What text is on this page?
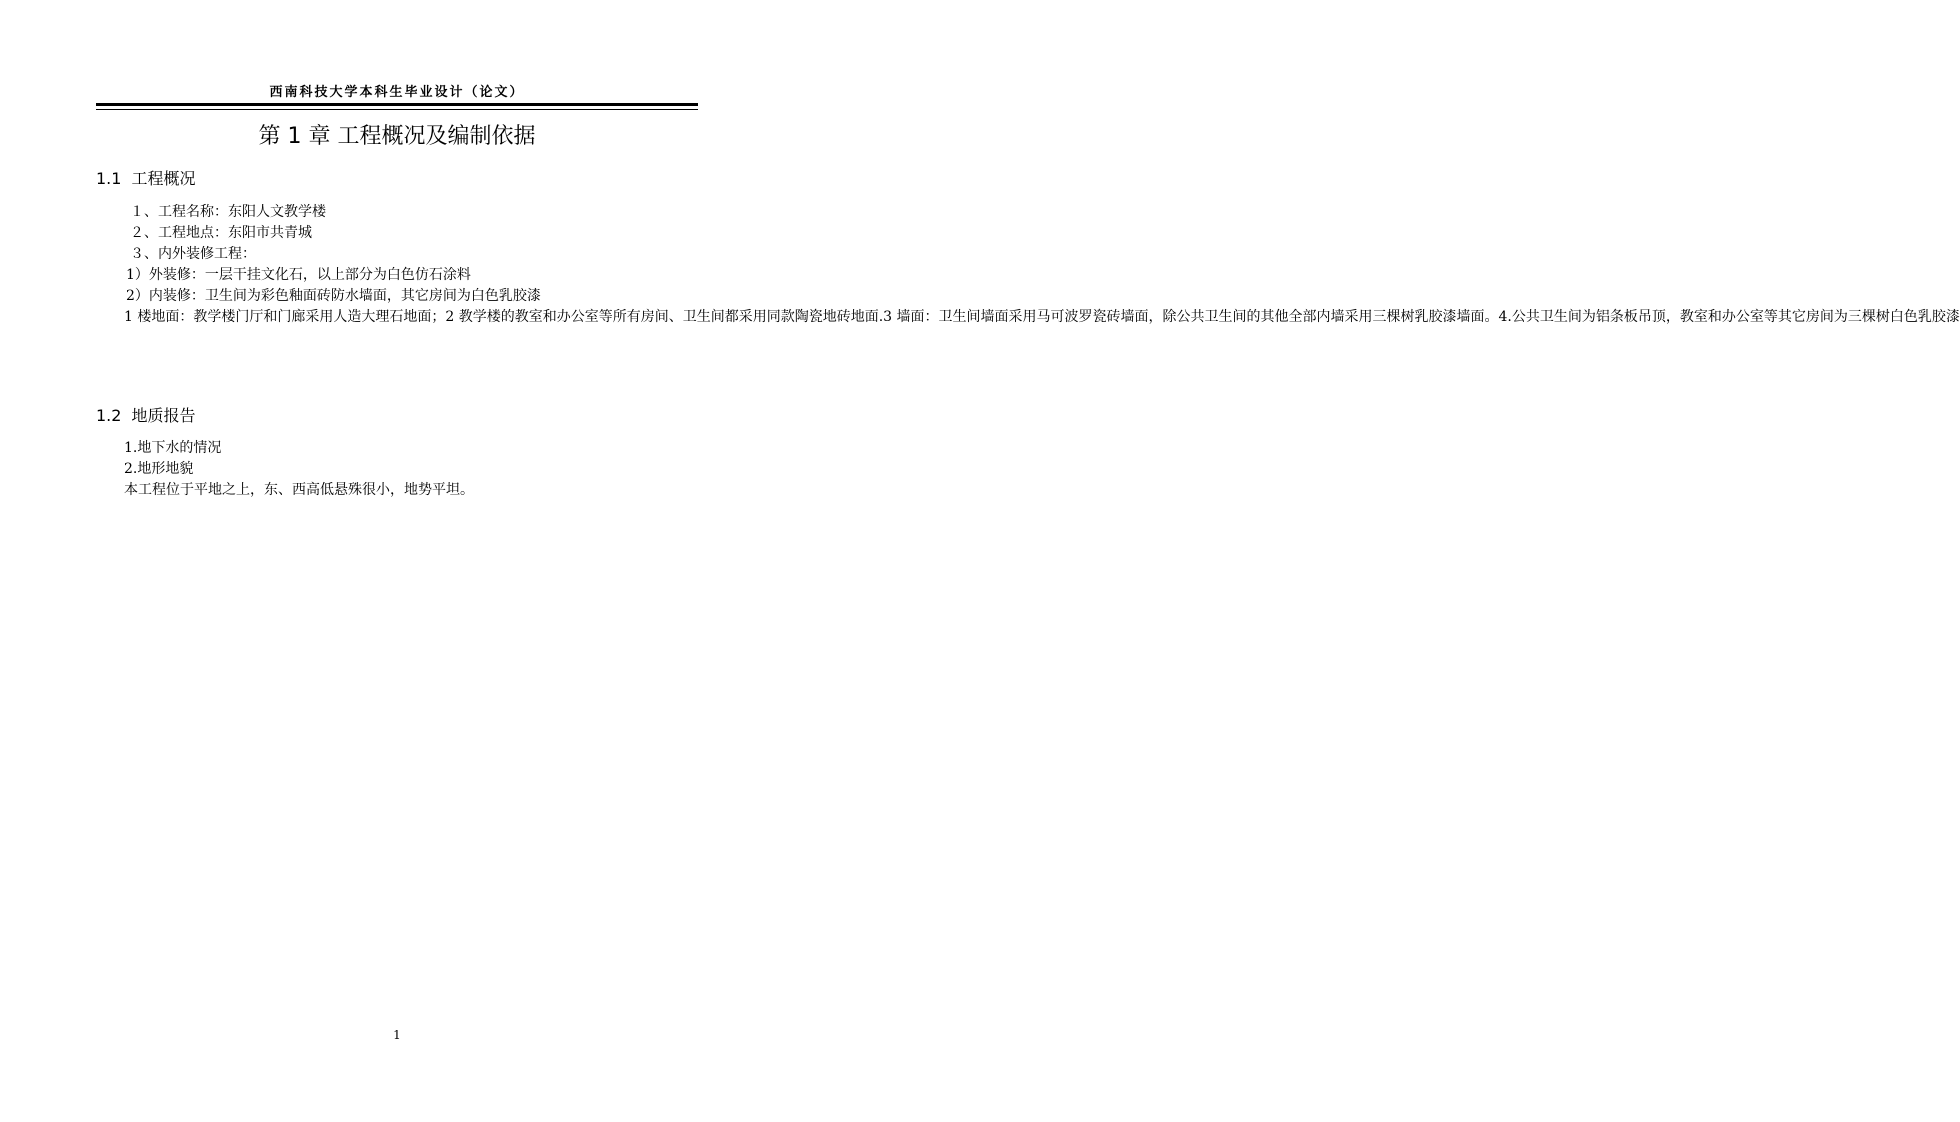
西南科技大学本科生毕业设计（论文）
第 1 章 工程概况及编制依据
1.1 工程概况

１、工程名称：东阳人文教学楼

２、工程地点：东阳市共青城

３、内外装修工程：

1）外装修：一层干挂文化石，以上部分为白色仿石涂料

2）内装修：卫生间为彩色釉面砖防水墙面，其它房间为白色乳胶漆

1 楼地面：教学楼门厅和门廊采用人造大理石地面；2 教学楼的教室和办公室等所有房间、卫生间都采用同款陶瓷地砖地面.3 墙面：卫生间墙面采用马可波罗瓷砖墙面，除公共卫生间的其他全部内墙采用三棵树乳胶漆墙面。4.公共卫生间为铝条板吊顶，教室和办公室等其它房间为三棵树白色乳胶漆

1.2 地质报告

1.地下水的情况

2.地形地貌

本工程位于平地之上，东、西高低悬殊很小，地势平坦。

1
